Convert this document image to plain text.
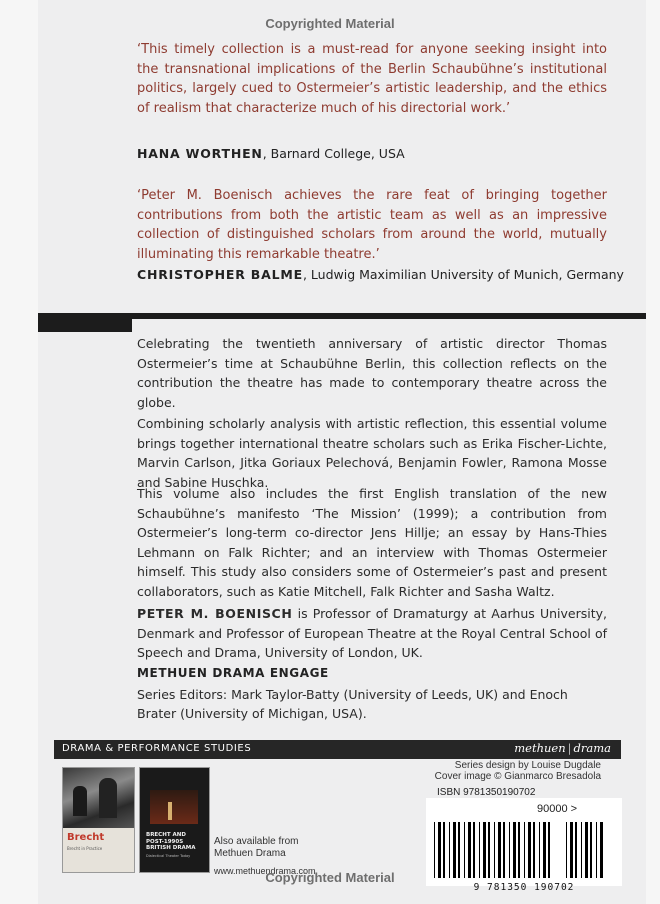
Copyrighted Material

‘This timely collection is a must-read for anyone seeking insight into the transnational implications of the Berlin Schaubühne’s institutional politics, largely cued to Ostermeier’s artistic leadership, and the ethics of realism that characterize much of his directorial work.’

HANA WORTHEN, Barnard College, USA

‘Peter M. Boenisch achieves the rare feat of bringing together contributions from both the artistic team as well as an impressive collection of distinguished scholars from around the world, mutually illuminating this remarkable theatre.’

CHRISTOPHER BALME, Ludwig Maximilian University of Munich, Germany

Celebrating the twentieth anniversary of artistic director Thomas Ostermeier’s time at Schaubühne Berlin, this collection reflects on the contribution the theatre has made to contemporary theatre across the globe.

Combining scholarly analysis with artistic reflection, this essential volume brings together international theatre scholars such as Erika Fischer-Lichte, Marvin Carlson, Jitka Goriaux Pelechová, Benjamin Fowler, Ramona Mosse and Sabine Huschka.

This volume also includes the first English translation of the new Schaubühne’s manifesto ‘The Mission’ (1999); a contribution from Ostermeier’s long-term co-director Jens Hillje; an essay by Hans-Thies Lehmann on Falk Richter; and an interview with Thomas Ostermeier himself. This study also considers some of Ostermeier’s past and present collaborators, such as Katie Mitchell, Falk Richter and Sasha Waltz.

PETER M. BOENISCH is Professor of Dramaturgy at Aarhus University, Denmark and Professor of European Theatre at the Royal Central School of Speech and Drama, University of London, UK.

METHUEN DRAMA ENGAGE

Series Editors: Mark Taylor-Batty (University of Leeds, UK) and Enoch Brater (University of Michigan, USA).

DRAMA & PERFORMANCE STUDIES	methuen | drama
Series design by Louise Dugdale
Cover image © Gianmarco Bresadola
Brecht
Brecht in Practice
BRECHT AND POST-1990S BRITISH DRAMA
Dialectical Theater Today
Also available from
Methuen Drama
www.methuendrama.com
ISBN 9781350190702
90000 >
9 781350 190702
Copyrighted Material
